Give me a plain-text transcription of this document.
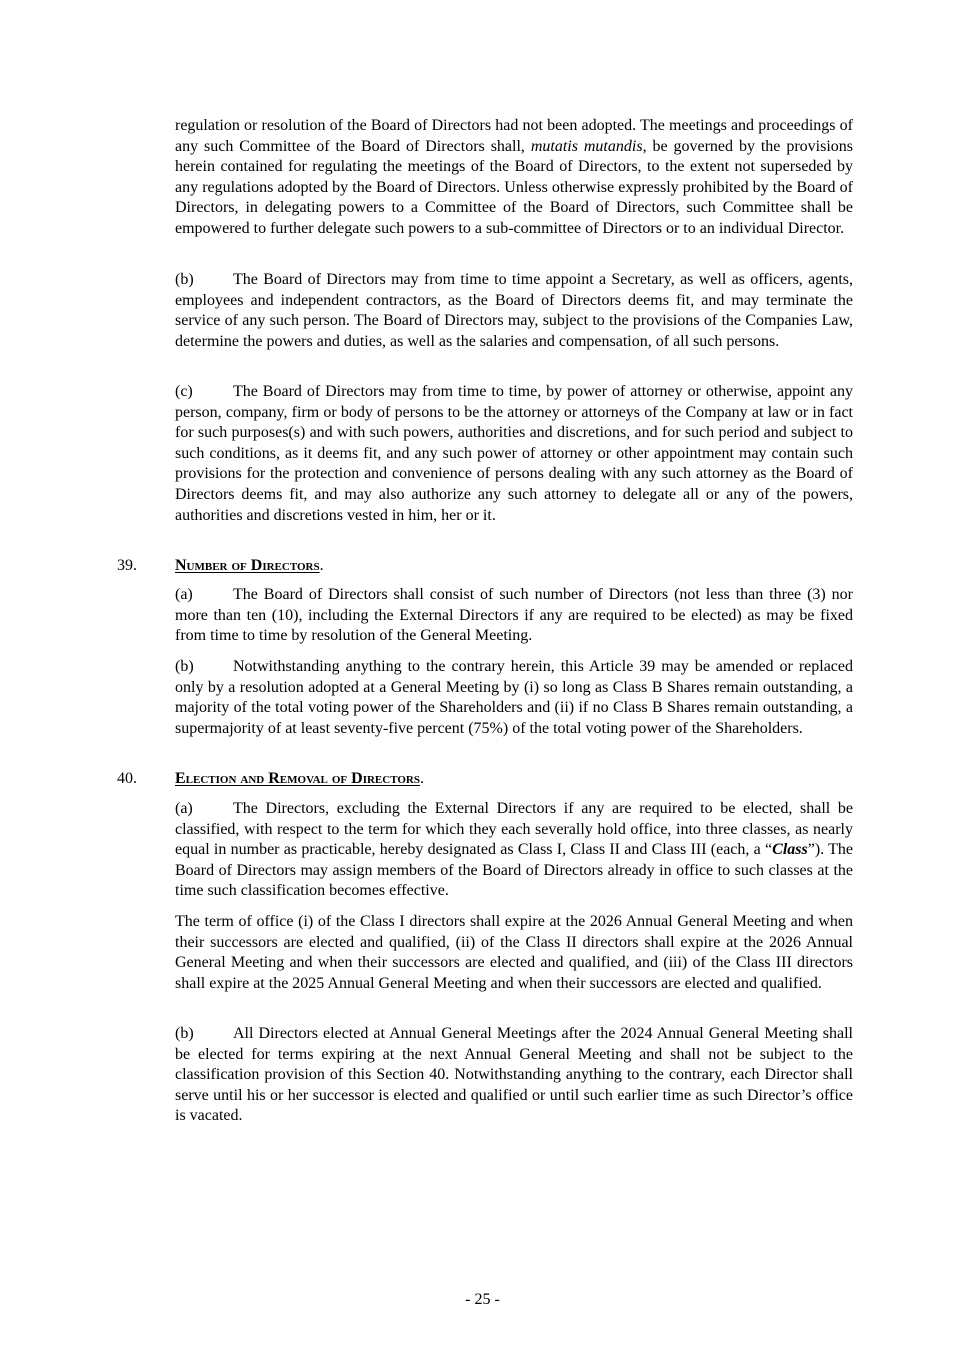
regulation or resolution of the Board of Directors had not been adopted. The meetings and proceedings of any such Committee of the Board of Directors shall, mutatis mutandis, be governed by the provisions herein contained for regulating the meetings of the Board of Directors, to the extent not superseded by any regulations adopted by the Board of Directors. Unless otherwise expressly prohibited by the Board of Directors, in delegating powers to a Committee of the Board of Directors, such Committee shall be empowered to further delegate such powers to a sub-committee of Directors or to an individual Director.

(b) The Board of Directors may from time to time appoint a Secretary, as well as officers, agents, employees and independent contractors, as the Board of Directors deems fit, and may terminate the service of any such person. The Board of Directors may, subject to the provisions of the Companies Law, determine the powers and duties, as well as the salaries and compensation, of all such persons.

(c)	The Board of Directors may from time to time, by power of attorney or otherwise, appoint any person, company, firm or body of persons to be the attorney or attorneys of the Company at law or in fact for such purposes(s) and with such powers, authorities and discretions, and for such period and subject to such conditions, as it deems fit, and any such power of attorney or other appointment may contain such provisions for the protection and convenience of persons dealing with any such attorney as the Board of Directors deems fit, and may also authorize any such attorney to delegate all or any of the powers, authorities and discretions vested in him, her or it.

39. Number of Directors.

(a)	The Board of Directors shall consist of such number of Directors (not less than three (3) nor more than ten (10), including the External Directors if any are required to be elected) as may be fixed from time to time by resolution of the General Meeting.

(b) Notwithstanding anything to the contrary herein, this Article 39 may be amended or replaced only by a resolution adopted at a General Meeting by (i) so long as Class B Shares remain outstanding, a majority of the total voting power of the Shareholders and (ii) if no Class B Shares remain outstanding, a supermajority of at least seventy-five percent (75%) of the total voting power of the Shareholders.

40. Election and Removal of Directors.

(a)	The Directors, excluding the External Directors if any are required to be elected, shall be classified, with respect to the term for which they each severally hold office, into three classes, as nearly equal in number as practicable, hereby designated as Class I, Class II and Class III (each, a “Class”). The Board of Directors may assign members of the Board of Directors already in office to such classes at the time such classification becomes effective.

The term of office (i) of the Class I directors shall expire at the 2026 Annual General Meeting and when their successors are elected and qualified, (ii) of the Class II directors shall expire at the 2026 Annual General Meeting and when their successors are elected and qualified, and (iii) of the Class III directors shall expire at the 2025 Annual General Meeting and when their successors are elected and qualified.

(b) All Directors elected at Annual General Meetings after the 2024 Annual General Meeting shall be elected for terms expiring at the next Annual General Meeting and shall not be subject to the classification provision of this Section 40. Notwithstanding anything to the contrary, each Director shall serve until his or her successor is elected and qualified or until such earlier time as such Director’s office is vacated.

- 25 -
